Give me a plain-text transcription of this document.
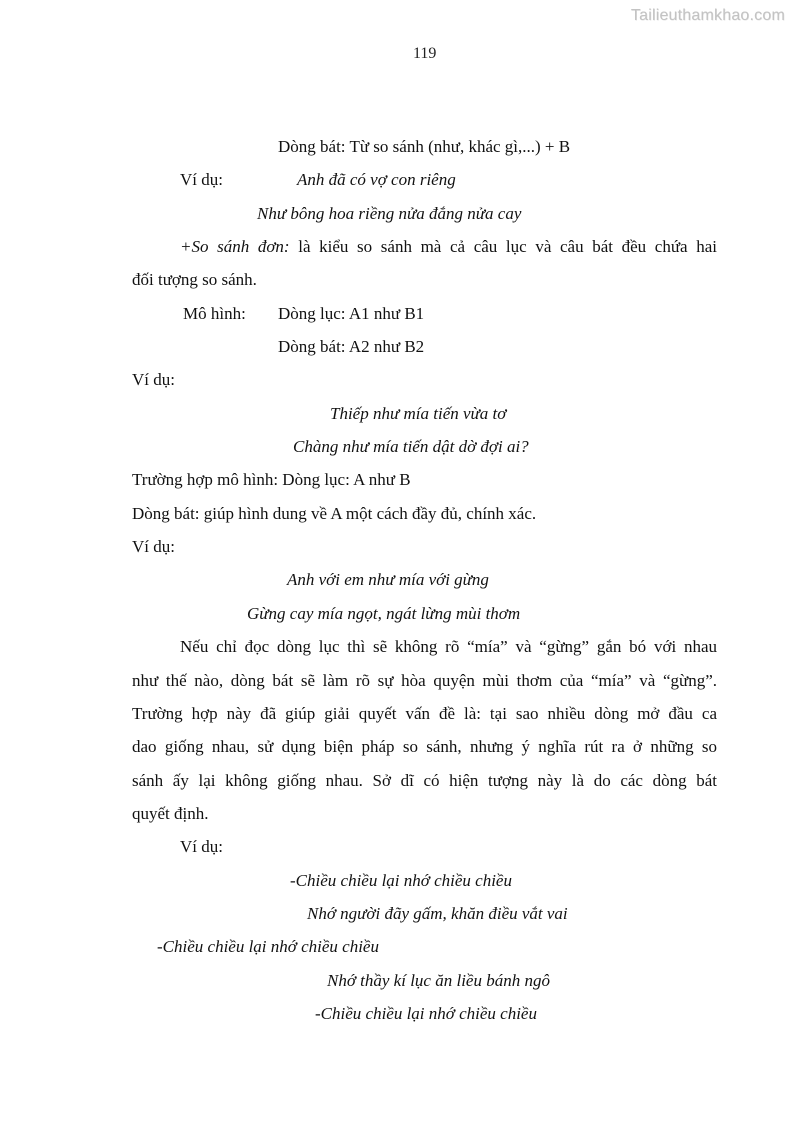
Tailieuthamkhao.com
119
Dòng bát: Từ so sánh (như, khác gì,...) + B
Ví dụ:	Anh đã có vợ con riêng
Như bông hoa riềng nửa đắng nửa cay
+So sánh đơn: là kiểu so sánh mà cả câu lục và câu bát đều chứa hai
đối tượng so sánh.
Mô hình: Dòng lục: A1 như B1
Dòng bát: A2 như B2
Ví dụ:
Thiếp như mía tiến vừa tơ
Chàng như mía tiến dật dờ đợi ai?
Trường hợp mô hình: Dòng lục: A như B
Dòng bát: giúp hình dung về A một cách đầy đủ, chính xác.
Ví dụ:
Anh với em như mía với gừng
Gừng cay mía ngọt, ngát lừng mùi thơm
Nếu chỉ đọc dòng lục thì sẽ không rõ “mía” và “gừng” gắn bó với nhau
như thế nào, dòng bát sẽ làm rõ sự hòa quyện mùi thơm của “mía” và “gừng”.
Trường hợp này đã giúp giải quyết vấn đề là: tại sao nhiều dòng mở đầu ca
dao giống nhau, sử dụng biện pháp so sánh, nhưng ý nghĩa rút ra ở những so
sánh ấy lại không giống nhau. Sở dĩ có hiện tượng này là do các dòng bát
quyết định.
Ví dụ:
-Chiều chiều lại nhớ chiều chiều
Nhớ người đãy gấm, khăn điều vắt vai
-Chiều chiều lại nhớ chiều chiều
Nhớ thầy kí lục ăn liều bánh ngô
-Chiều chiều lại nhớ chiều chiều
